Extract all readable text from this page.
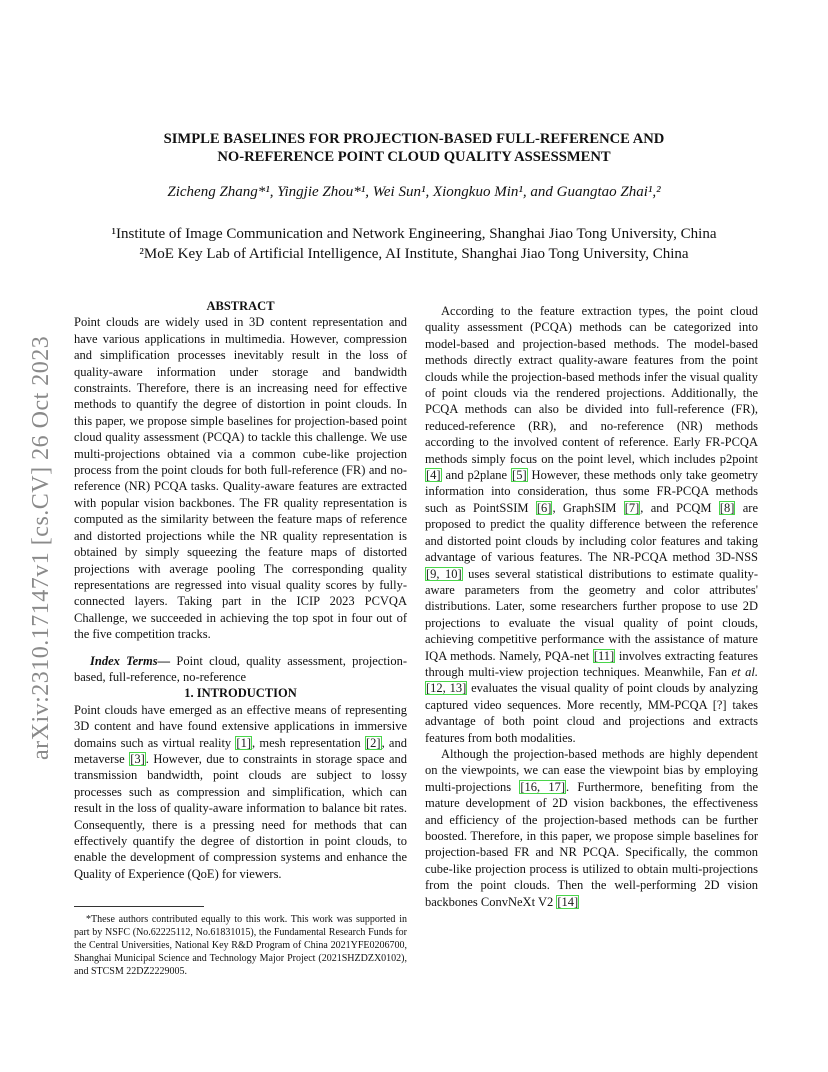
arXiv:2310.17147v1 [cs.CV] 26 Oct 2023
SIMPLE BASELINES FOR PROJECTION-BASED FULL-REFERENCE AND
NO-REFERENCE POINT CLOUD QUALITY ASSESSMENT
Zicheng Zhang*¹, Yingjie Zhou*¹, Wei Sun¹, Xiongkuo Min¹, and Guangtao Zhai¹,²
¹Institute of Image Communication and Network Engineering, Shanghai Jiao Tong University, China
²MoE Key Lab of Artificial Intelligence, AI Institute, Shanghai Jiao Tong University, China

ABSTRACT

Point clouds are widely used in 3D content representation and have various applications in multimedia. However, compression and simplification processes inevitably result in the loss of quality-aware information under storage and bandwidth constraints. Therefore, there is an increasing need for effective methods to quantify the degree of distortion in point clouds. In this paper, we propose simple baselines for projection-based point cloud quality assessment (PCQA) to tackle this challenge. We use multi-projections obtained via a common cube-like projection process from the point clouds for both full-reference (FR) and no-reference (NR) PCQA tasks. Quality-aware features are extracted with popular vision backbones. The FR quality representation is computed as the similarity between the feature maps of reference and distorted projections while the NR quality representation is obtained by simply squeezing the feature maps of distorted projections with average pooling The corresponding quality representations are regressed into visual quality scores by fully-connected layers. Taking part in the ICIP 2023 PCVQA Challenge, we succeeded in achieving the top spot in four out of the five competition tracks.

Index Terms— Point cloud, quality assessment, projection-based, full-reference, no-reference

1. INTRODUCTION

Point clouds have emerged as an effective means of representing 3D content and have found extensive applications in immersive domains such as virtual reality [1], mesh representation [2], and metaverse [3]. However, due to constraints in storage space and transmission bandwidth, point clouds are subject to lossy processes such as compression and simplification, which can result in the loss of quality-aware information to balance bit rates. Consequently, there is a pressing need for methods that can effectively quantify the degree of distortion in point clouds, to enable the development of compression systems and enhance the Quality of Experience (QoE) for viewers.

*These authors contributed equally to this work. This work was supported in part by NSFC (No.62225112, No.61831015), the Fundamental Research Funds for the Central Universities, National Key R&D Program of China 2021YFE0206700, Shanghai Municipal Science and Technology Major Project (2021SHZDZX0102), and STCSM 22DZ2229005.

According to the feature extraction types, the point cloud quality assessment (PCQA) methods can be categorized into model-based and projection-based methods. The model-based methods directly extract quality-aware features from the point clouds while the projection-based methods infer the visual quality of point clouds via the rendered projections. Additionally, the PCQA methods can also be divided into full-reference (FR), reduced-reference (RR), and no-reference (NR) methods according to the involved content of reference. Early FR-PCQA methods simply focus on the point level, which includes p2point [4] and p2plane [5] However, these methods only take geometry information into consideration, thus some FR-PCQA methods such as PointSSIM [6], GraphSIM [7], and PCQM [8] are proposed to predict the quality difference between the reference and distorted point clouds by including color features and taking advantage of various features. The NR-PCQA method 3D-NSS [9, 10] uses several statistical distributions to estimate quality-aware parameters from the geometry and color attributes' distributions. Later, some researchers further propose to use 2D projections to evaluate the visual quality of point clouds, achieving competitive performance with the assistance of mature IQA methods. Namely, PQA-net [11] involves extracting features through multi-view projection techniques. Meanwhile, Fan et al. [12, 13] evaluates the visual quality of point clouds by analyzing captured video sequences. More recently, MM-PCQA [?] takes advantage of both point cloud and projections and extracts features from both modalities.

Although the projection-based methods are highly dependent on the viewpoints, we can ease the viewpoint bias by employing multi-projections [16, 17]. Furthermore, benefiting from the mature development of 2D vision backbones, the effectiveness and efficiency of the projection-based methods can be further boosted. Therefore, in this paper, we propose simple baselines for projection-based FR and NR PCQA. Specifically, the common cube-like projection process is utilized to obtain multi-projections from the point clouds. Then the well-performing 2D vision backbones ConvNeXt V2 [14]
